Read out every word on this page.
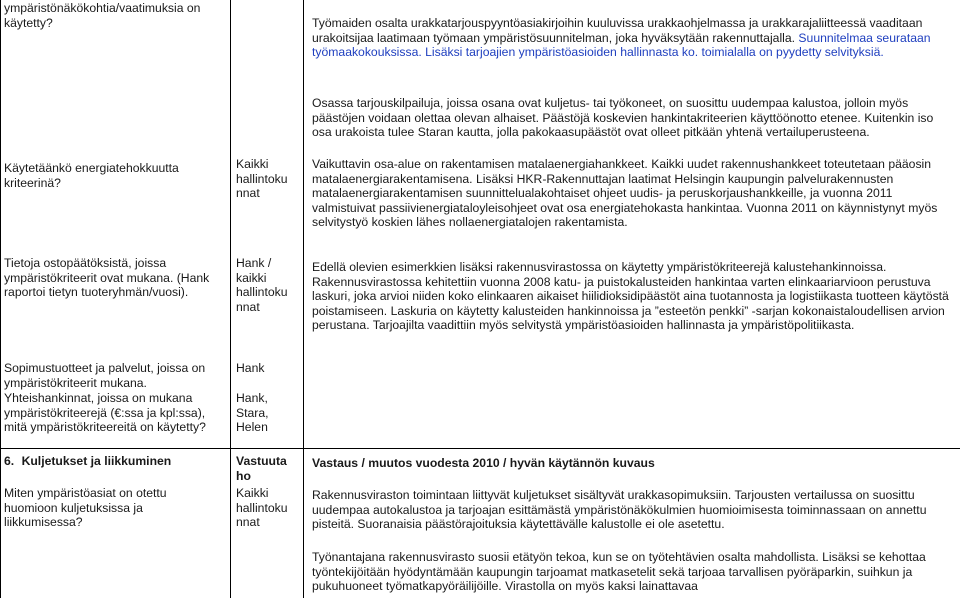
ympäristönäkökohtia/vaatimuksia on käytetty?
Käytetäänkö energiatehokkuutta kriteerinä?
Tietoja ostopäätöksistä, joissa ympäristökriteerit ovat mukana. (Hank raportoi tietyn tuoteryhmän/vuosi).
Sopimustuotteet ja palvelut, joissa on ympäristökriteerit mukana.
Yhteishankinnat, joissa on mukana ympäristökriteerejä (€:ssa ja kpl:ssa), mitä ympäristökriteereitä on käytetty?
6. Kuljetukset ja liikkuminen
Miten ympäristöasiat on otettu huomioon kuljetuksissa ja liikkumisessa?
Kaikki hallintoku nnat
Hank / kaikki hallintoku nnat
Hank
Hank, Stara, Helen
Vastuuta ho
Kaikki hallintoku nnat
Työmaiden osalta urakkatarjouspyyntöasiakirjoihin kuuluvissa urakkaohjelmassa ja urakkarajaliitteessä vaaditaan urakoitsijaa laatimaan työmaan ympäristösuunnitelman, joka hyväksytään rakennuttajalla. Suunnitelmaa seurataan työmaakokouksissa. Lisäksi tarjoajien ympäristöasioiden hallinnasta ko. toimialalla on pyydetty selvityksiä.
Osassa tarjouskilpailuja, joissa osana ovat kuljetus- tai työkoneet, on suosittu uudempaa kalustoa, jolloin myös päästöjen voidaan olettaa olevan alhaiset. Päästöjä koskevien hankintakriteerien käyttöönotto etenee. Kuitenkin iso osa urakoista tulee Staran kautta, jolla pakokaasupäästöt ovat olleet pitkään yhtenä vertailuperusteena.
Vaikuttavin osa-alue on rakentamisen matalaenergiahankkeet. Kaikki uudet rakennushankkeet toteutetaan pääosin matalaenergiarakentamisena. Lisäksi HKR-Rakennuttajan laatimat Helsingin kaupungin palvelurakennusten matalaenergiarakentamisen suunnittelualakohtaiset ohjeet uudis- ja peruskorjaushankkeille, ja vuonna 2011 valmistuivat passiivienergiataloyleisohjeet ovat osa energiatehokasta hankintaa. Vuonna 2011 on käynnistynyt myös selvitystyö koskien lähes nollaenergiatalojen rakentamista.
Edellä olevien esimerkkien lisäksi rakennusvirastossa on käytetty ympäristökriteerejä kalustehankinnoissa. Rakennusvirastossa kehitettiin vuonna 2008 katu- ja puistokalusteiden hankintaa varten elinkaariarvioon perustuva laskuri, joka arvioi niiden koko elinkaaren aikaiset hiilidioksidipäästöt aina tuotannosta ja logistiikasta tuotteen käytöstä poistamiseen. Laskuria on käytetty kalusteiden hankinnoissa ja ”esteetön penkki” -sarjan kokonaistaloudellisen arvion perustana. Tarjoajilta vaadittiin myös selvitystä ympäristöasioiden hallinnasta ja ympäristöpolitiikasta.
Vastaus / muutos vuodesta 2010 / hyvän käytännön kuvaus
Rakennusviraston toimintaan liittyvät kuljetukset sisältyvät urakkasopimuksiin. Tarjousten vertailussa on suosittu uudempaa autokalustoa ja tarjoajan esittämästä ympäristönäkökulmien huomioimisesta toiminnassaan on annettu pisteitä. Suoranaisia päästörajoituksia käytettävälle kalustolle ei ole asetettu.
Työnantajana rakennusvirasto suosii etätyön tekoa, kun se on työtehtävien osalta mahdollista. Lisäksi se kehottaa työntekijöitään hyödyntämään kaupungin tarjoamat matkasetelit sekä tarjoaa tarvallisen pyöräparkin, suihkun ja pukuhuoneet työmatkapyöräilijöille. Virastolla on myös kaksi lainattavaa
